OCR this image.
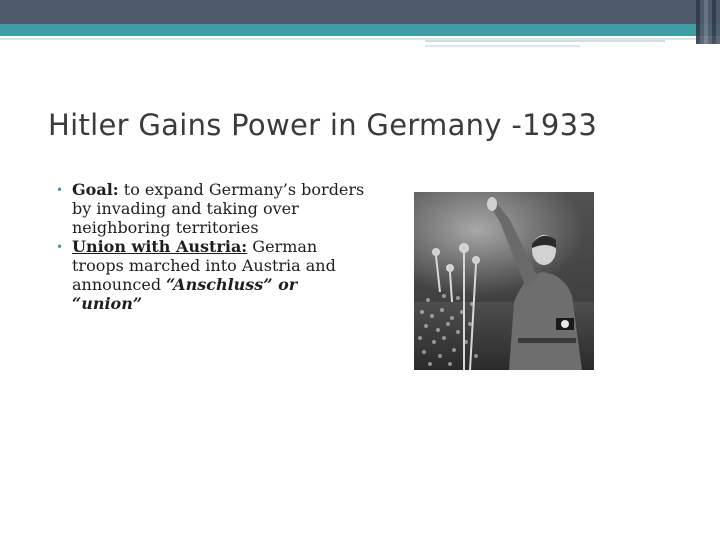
Hitler Gains Power in Germany -1933
• Goal: to expand Germany’s borders by invading and taking over neighboring territories
• Union with Austria: German troops marched into Austria and announced “Anschluss” or “union”
